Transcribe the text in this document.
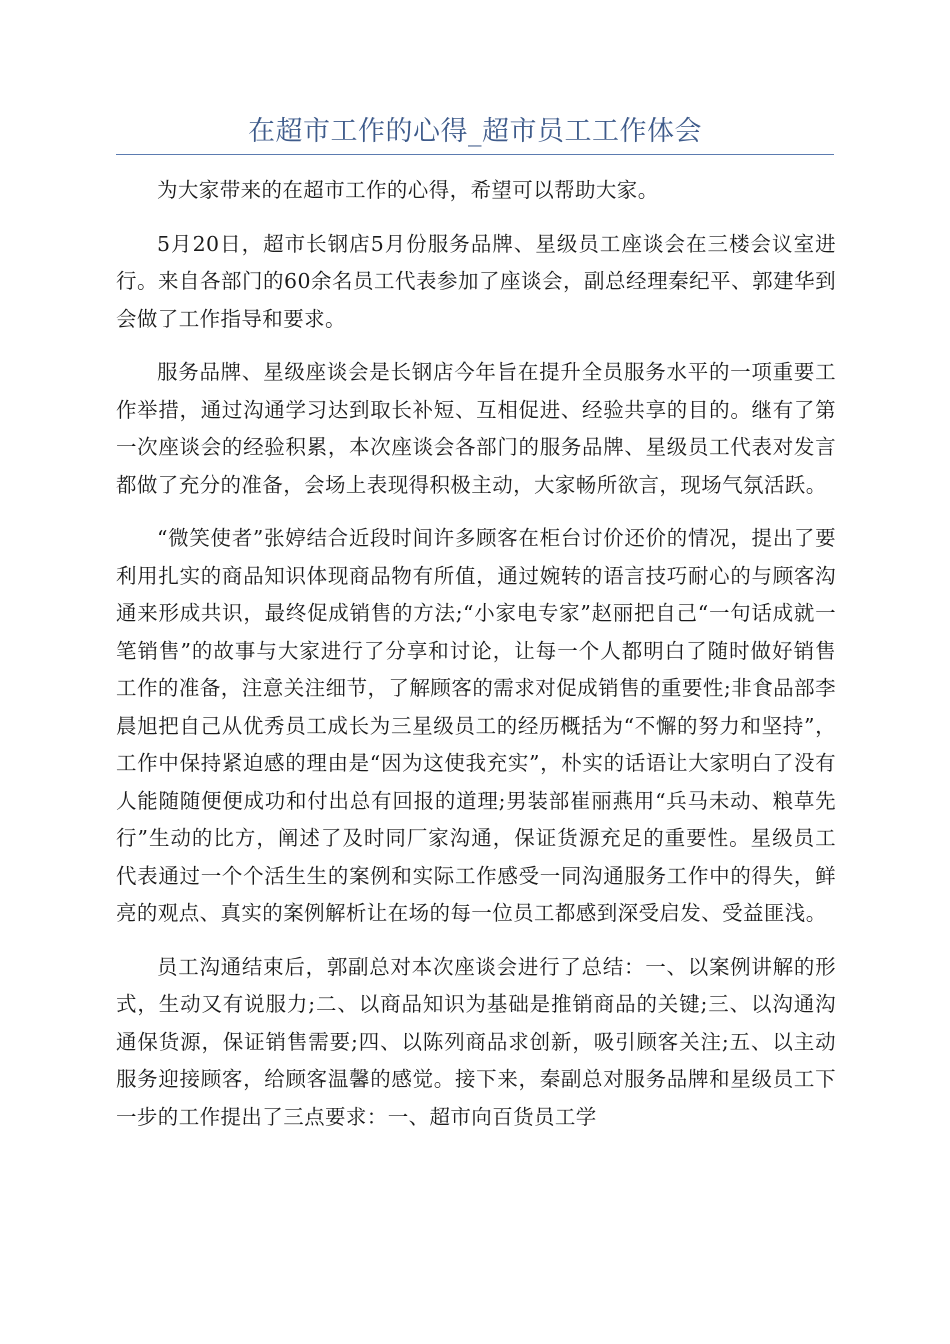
在超市工作的心得_超市员工工作体会

为大家带来的在超市工作的心得，希望可以帮助大家。

5月20日，超市长钢店5月份服务品牌、星级员工座谈会在三楼会议室进行。来自各部门的60余名员工代表参加了座谈会，副总经理秦纪平、郭建华到会做了工作指导和要求。

服务品牌、星级座谈会是长钢店今年旨在提升全员服务水平的一项重要工作举措，通过沟通学习达到取长补短、互相促进、经验共享的目的。继有了第一次座谈会的经验积累，本次座谈会各部门的服务品牌、星级员工代表对发言都做了充分的准备，会场上表现得积极主动，大家畅所欲言，现场气氛活跃。

“微笑使者”张婷结合近段时间许多顾客在柜台讨价还价的情况，提出了要利用扎实的商品知识体现商品物有所值，通过婉转的语言技巧耐心的与顾客沟通来形成共识，最终促成销售的方法;“小家电专家”赵丽把自己“一句话成就一笔销售”的故事与大家进行了分享和讨论，让每一个人都明白了随时做好销售工作的准备，注意关注细节，了解顾客的需求对促成销售的重要性;非食品部李晨旭把自己从优秀员工成长为三星级员工的经历概括为“不懈的努力和坚持”，工作中保持紧迫感的理由是“因为这使我充实”，朴实的话语让大家明白了没有人能随随便便成功和付出总有回报的道理;男装部崔丽燕用“兵马未动、粮草先行”生动的比方，阐述了及时同厂家沟通，保证货源充足的重要性。星级员工代表通过一个个活生生的案例和实际工作感受一同沟通服务工作中的得失，鲜亮的观点、真实的案例解析让在场的每一位员工都感到深受启发、受益匪浅。

员工沟通结束后，郭副总对本次座谈会进行了总结：一、以案例讲解的形式，生动又有说服力;二、以商品知识为基础是推销商品的关键;三、以沟通沟通保货源，保证销售需要;四、以陈列商品求创新，吸引顾客关注;五、以主动服务迎接顾客，给顾客温馨的感觉。接下来，秦副总对服务品牌和星级员工下一步的工作提出了三点要求：一、超市向百货员工学
